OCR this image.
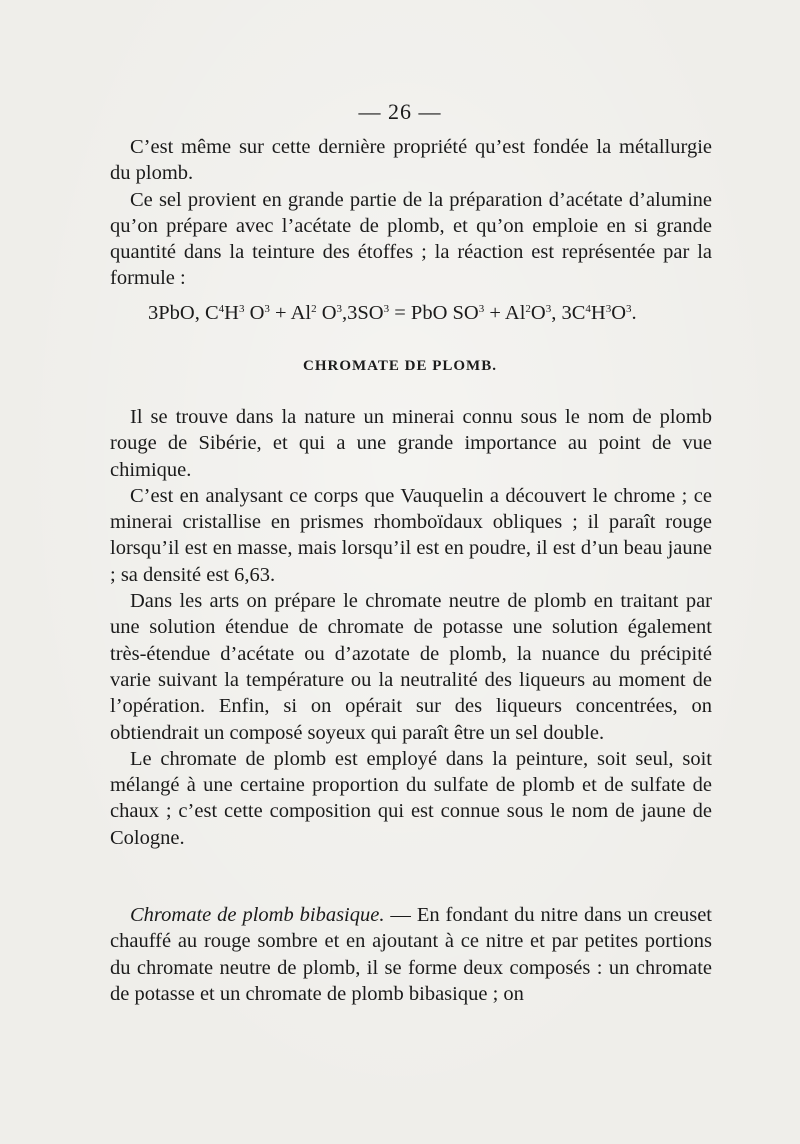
— 26 —

C’est même sur cette dernière propriété qu’est fondée la métallurgie du plomb.

Ce sel provient en grande partie de la préparation d’acétate d’alumine qu’on prépare avec l’acétate de plomb, et qu’on emploie en si grande quantité dans la teinture des étoffes ; la réaction est représentée par la formule :

3PbO, $C^4H^3$ $O^3 + Al^2$ $O^3,3SO^3$ = PbO $SO^3 + Al^2O^3$, $3C^4H^3O^3$.
CHROMATE DE PLOMB.

Il se trouve dans la nature un minerai connu sous le nom de plomb rouge de Sibérie, et qui a une grande importance au point de vue chimique.

C’est en analysant ce corps que Vauquelin a découvert le chrome ; ce minerai cristallise en prismes rhomboïdaux obliques ; il paraît rouge lorsqu’il est en masse, mais lorsqu’il est en poudre, il est d’un beau jaune ; sa densité est 6,63.

Dans les arts on prépare le chromate neutre de plomb en traitant par une solution étendue de chromate de potasse une solution également très-étendue d’acétate ou d’azotate de plomb, la nuance du précipité varie suivant la température ou la neutralité des liqueurs au moment de l’opération. Enfin, si on opérait sur des liqueurs concentrées, on obtiendrait un composé soyeux qui paraît être un sel double.

Le chromate de plomb est employé dans la peinture, soit seul, soit mélangé à une certaine proportion du sulfate de plomb et de sulfate de chaux ; c’est cette composition qui est connue sous le nom de jaune de Cologne.

Chromate de plomb bibasique. — En fondant du nitre dans un creuset chauffé au rouge sombre et en ajoutant à ce nitre et par petites portions du chromate neutre de plomb, il se forme deux composés : un chromate de potasse et un chromate de plomb bibasique ; on
